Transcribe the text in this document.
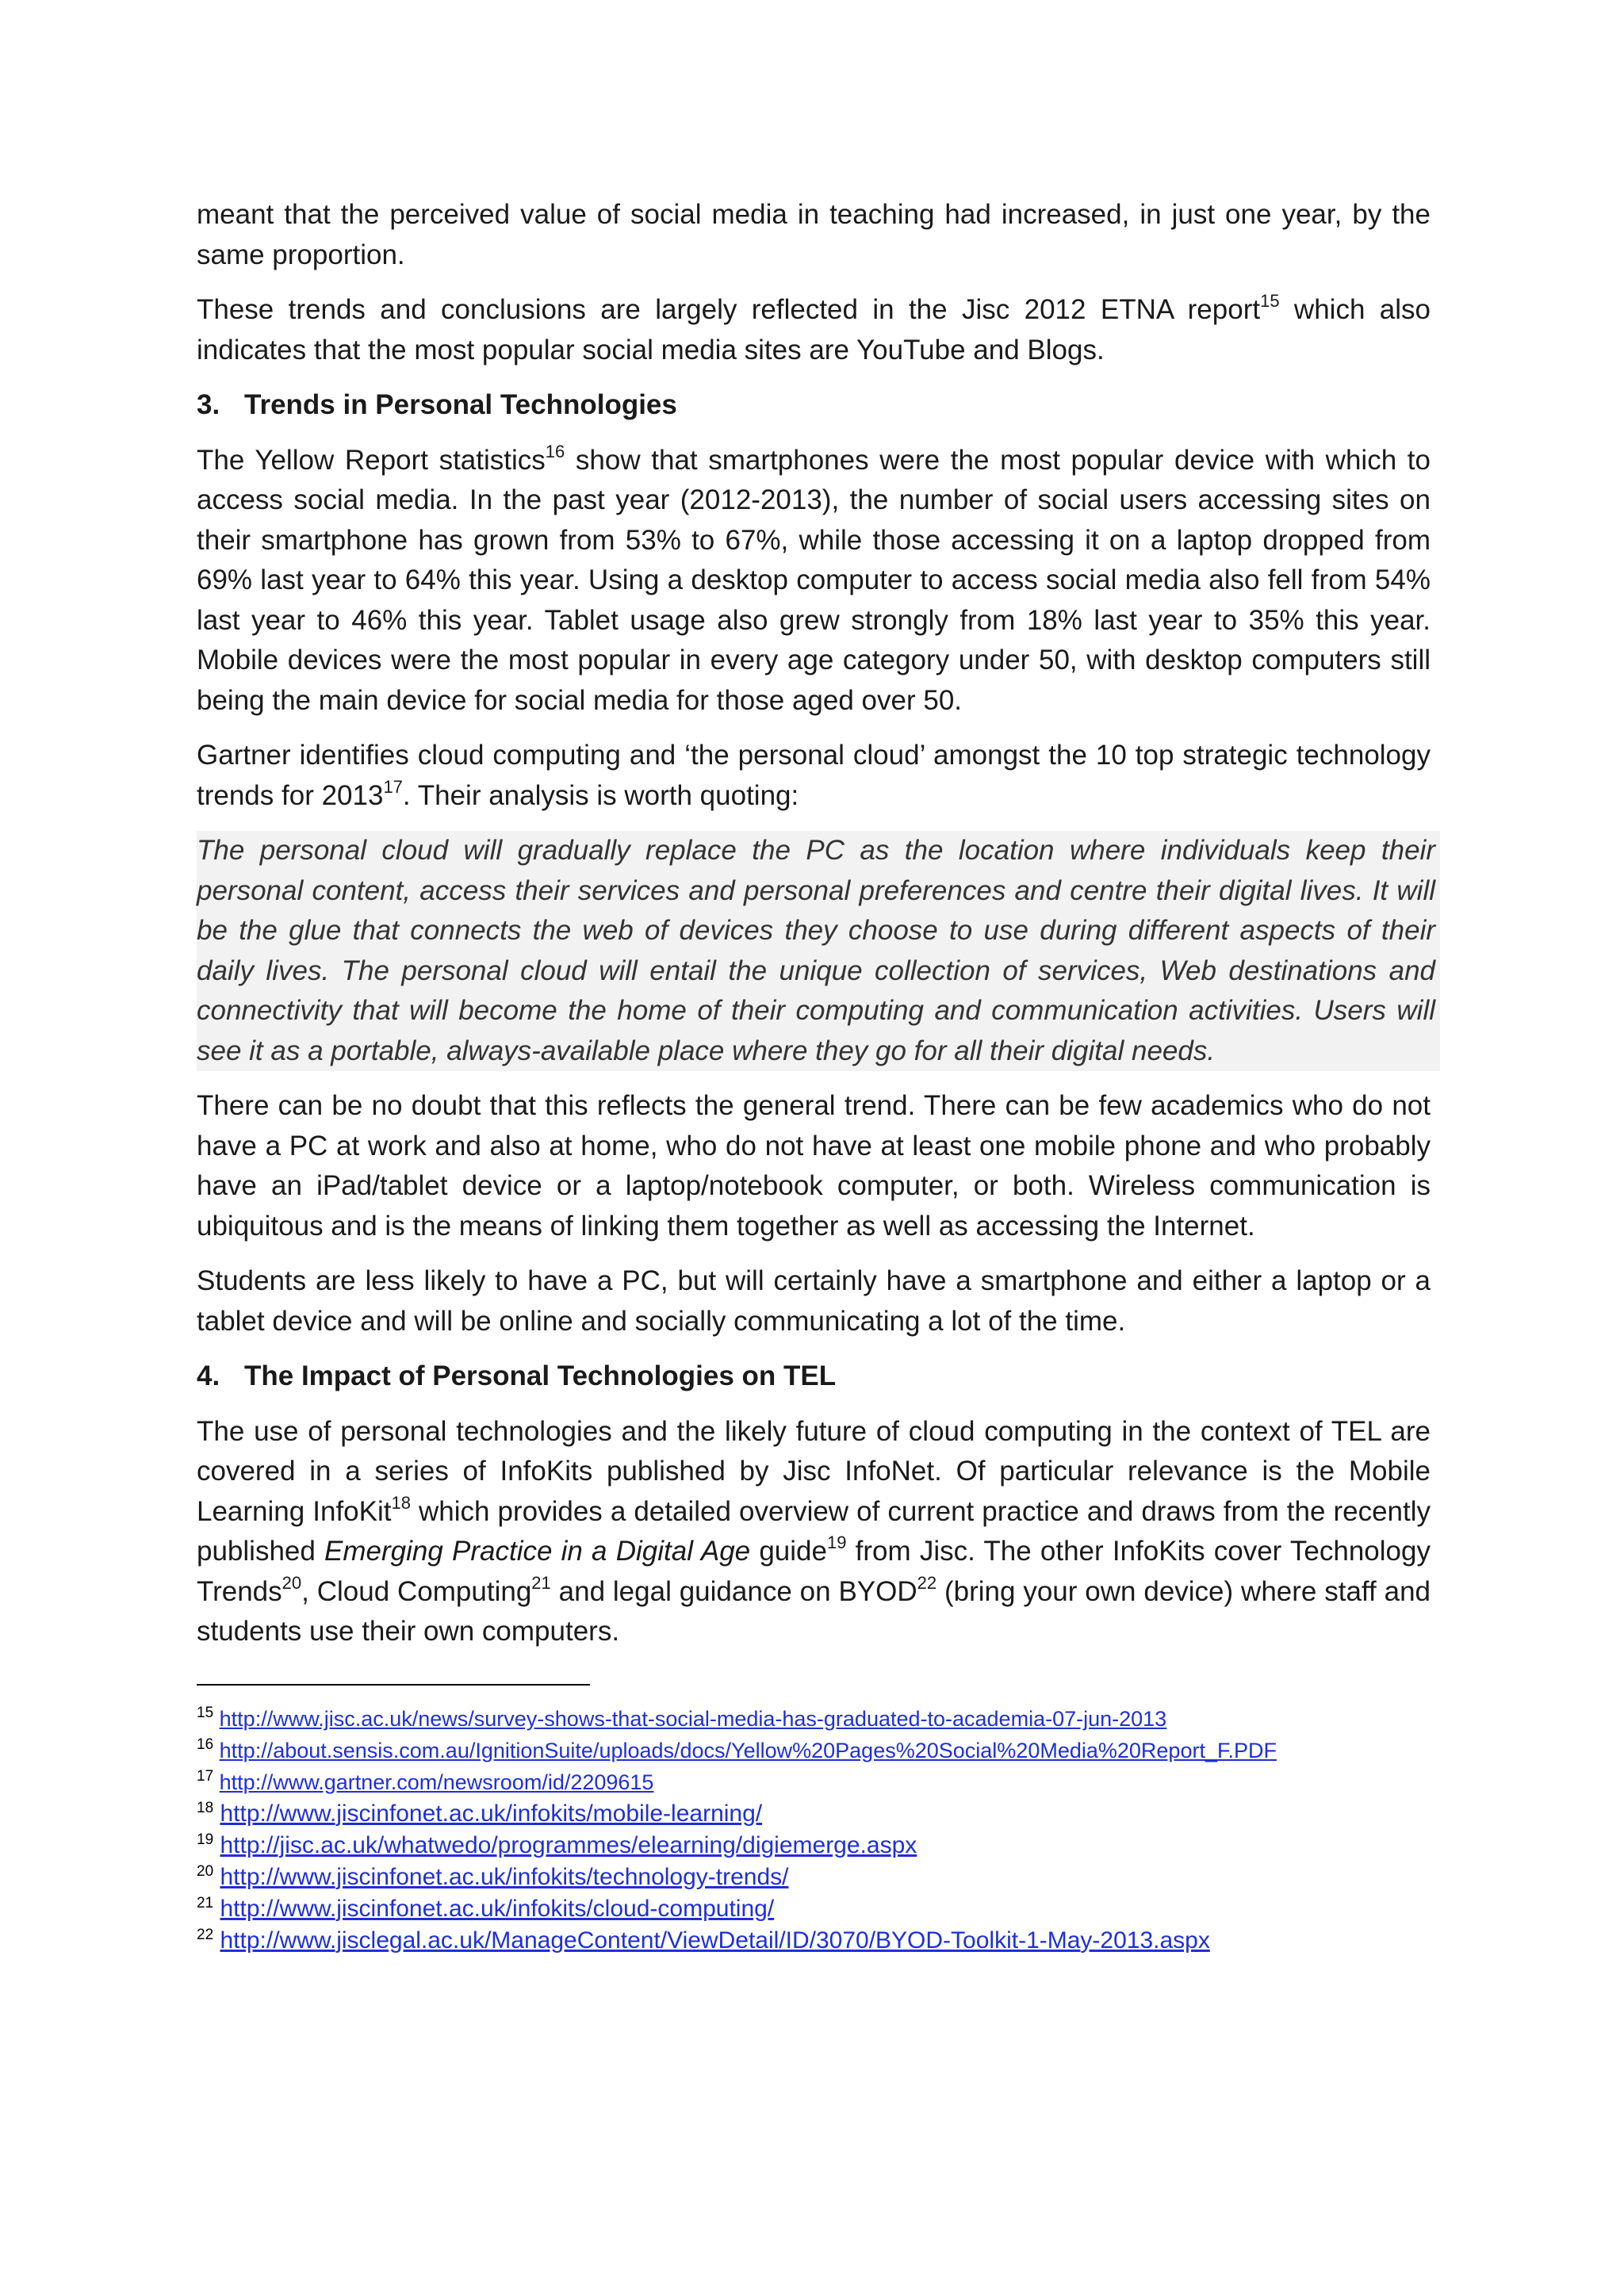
meant that the perceived value of social media in teaching had increased, in just one year, by the same proportion.

These trends and conclusions are largely reflected in the Jisc 2012 ETNA report$^{15}$ which also indicates that the most popular social media sites are YouTube and Blogs.

3. Trends in Personal Technologies

The Yellow Report statistics$^{16}$ show that smartphones were the most popular device with which to access social media. In the past year (2012-2013), the number of social users accessing sites on their smartphone has grown from 53% to 67%, while those accessing it on a laptop dropped from 69% last year to 64% this year. Using a desktop computer to access social media also fell from 54% last year to 46% this year. Tablet usage also grew strongly from 18% last year to 35% this year. Mobile devices were the most popular in every age category under 50, with desktop computers still being the main device for social media for those aged over 50.

Gartner identifies cloud computing and ‘the personal cloud’ amongst the 10 top strategic technology trends for 2013$^{17}$. Their analysis is worth quoting:

The personal cloud will gradually replace the PC as the location where individuals keep their personal content, access their services and personal preferences and centre their digital lives. It will be the glue that connects the web of devices they choose to use during different aspects of their daily lives. The personal cloud will entail the unique collection of services, Web destinations and connectivity that will become the home of their computing and communication activities. Users will see it as a portable, always-available place where they go for all their digital needs.

There can be no doubt that this reflects the general trend. There can be few academics who do not have a PC at work and also at home, who do not have at least one mobile phone and who probably have an iPad/tablet device or a laptop/notebook computer, or both. Wireless communication is ubiquitous and is the means of linking them together as well as accessing the Internet.

Students are less likely to have a PC, but will certainly have a smartphone and either a laptop or a tablet device and will be online and socially communicating a lot of the time.

4. The Impact of Personal Technologies on TEL

The use of personal technologies and the likely future of cloud computing in the context of TEL are covered in a series of InfoKits published by Jisc InfoNet. Of particular relevance is the Mobile Learning InfoKit$^{18}$ which provides a detailed overview of current practice and draws from the recently published Emerging Practice in a Digital Age guide$^{19}$ from Jisc. The other InfoKits cover Technology Trends$^{20}$, Cloud Computing$^{21}$ and legal guidance on BYOD$^{22}$ (bring your own device) where staff and students use their own computers.

$^{15}$ http://www.jisc.ac.uk/news/survey-shows-that-social-media-has-graduated-to-academia-07-jun-2013

$^{16}$ http://about.sensis.com.au/IgnitionSuite/uploads/docs/Yellow%20Pages%20Social%20Media%20Report_F.PDF

$^{17}$ http://www.gartner.com/newsroom/id/2209615

$^{18}$ http://www.jiscinfonet.ac.uk/infokits/mobile-learning/

$^{19}$ http://jisc.ac.uk/whatwedo/programmes/elearning/digiemerge.aspx

$^{20}$ http://www.jiscinfonet.ac.uk/infokits/technology-trends/

$^{21}$ http://www.jiscinfonet.ac.uk/infokits/cloud-computing/

$^{22}$ http://www.jisclegal.ac.uk/ManageContent/ViewDetail/ID/3070/BYOD-Toolkit-1-May-2013.aspx
